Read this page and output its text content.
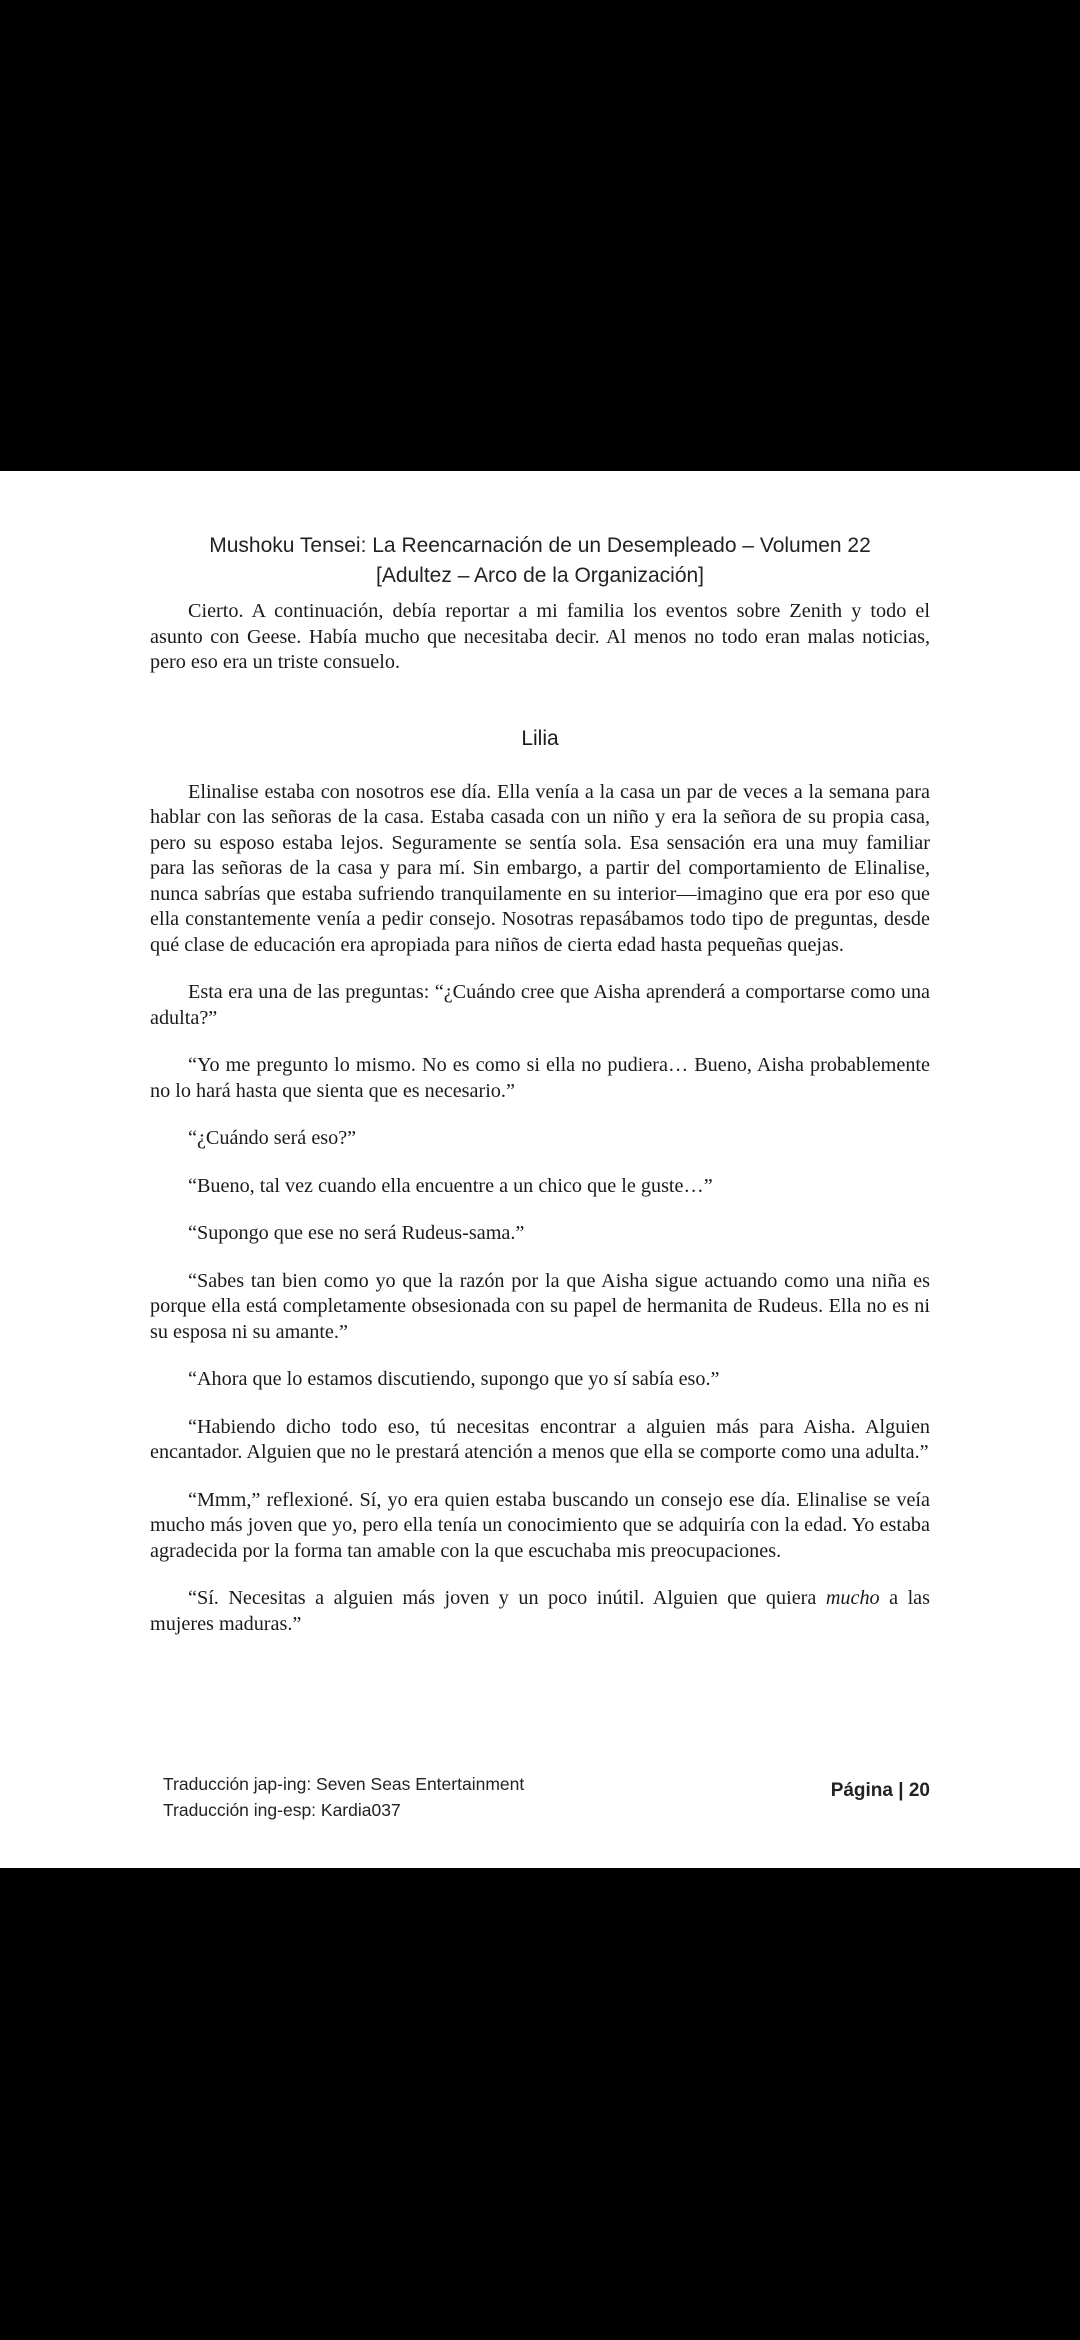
Mushoku Tensei: La Reencarnación de un Desempleado – Volumen 22
[Adultez – Arco de la Organización]

Cierto. A continuación, debía reportar a mi familia los eventos sobre Zenith y todo el asunto con Geese. Había mucho que necesitaba decir. Al menos no todo eran malas noticias, pero eso era un triste consuelo.

Lilia

Elinalise estaba con nosotros ese día. Ella venía a la casa un par de veces a la semana para hablar con las señoras de la casa. Estaba casada con un niño y era la señora de su propia casa, pero su esposo estaba lejos. Seguramente se sentía sola. Esa sensación era una muy familiar para las señoras de la casa y para mí. Sin embargo, a partir del comportamiento de Elinalise, nunca sabrías que estaba sufriendo tranquilamente en su interior—imagino que era por eso que ella constantemente venía a pedir consejo. Nosotras repasábamos todo tipo de preguntas, desde qué clase de educación era apropiada para niños de cierta edad hasta pequeñas quejas.

Esta era una de las preguntas: “¿Cuándo cree que Aisha aprenderá a comportarse como una adulta?”

“Yo me pregunto lo mismo. No es como si ella no pudiera… Bueno, Aisha probablemente no lo hará hasta que sienta que es necesario.”

“¿Cuándo será eso?”

“Bueno, tal vez cuando ella encuentre a un chico que le guste…”

“Supongo que ese no será Rudeus-sama.”

“Sabes tan bien como yo que la razón por la que Aisha sigue actuando como una niña es porque ella está completamente obsesionada con su papel de hermanita de Rudeus. Ella no es ni su esposa ni su amante.”

“Ahora que lo estamos discutiendo, supongo que yo sí sabía eso.”

“Habiendo dicho todo eso, tú necesitas encontrar a alguien más para Aisha. Alguien encantador. Alguien que no le prestará atención a menos que ella se comporte como una adulta.”

“Mmm,” reflexioné. Sí, yo era quien estaba buscando un consejo ese día. Elinalise se veía mucho más joven que yo, pero ella tenía un conocimiento que se adquiría con la edad. Yo estaba agradecida por la forma tan amable con la que escuchaba mis preocupaciones.

“Sí. Necesitas a alguien más joven y un poco inútil. Alguien que quiera mucho a las mujeres maduras.”

Traducción jap-ing: Seven Seas Entertainment
Traducción ing-esp: Kardia037
Página | 20
